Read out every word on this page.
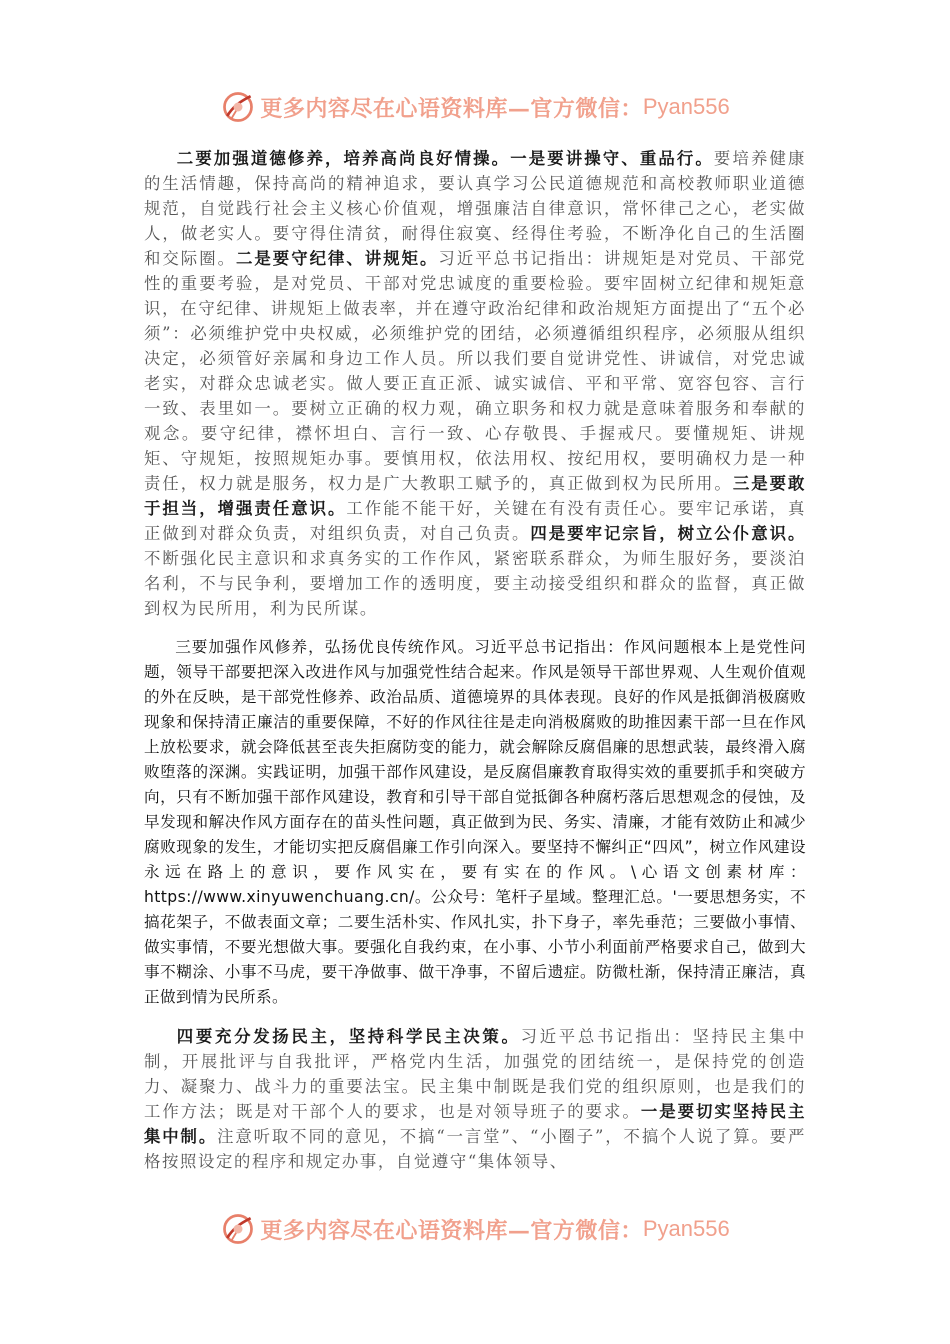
更多内容尽在心语资料库—官方微信： Pyan556

二要加强道德修养，培养高尚良好情操。一是要讲操守、重品行。要培养健康的生活情趣，保持高尚的精神追求，要认真学习公民道德规范和高校教师职业道德规范，自觉践行社会主义核心价值观，增强廉洁自律意识，常怀律己之心，老实做人，做老实人。要守得住清贫，耐得住寂寞、经得住考验，不断净化自己的生活圈和交际圈。二是要守纪律、讲规矩。习近平总书记指出：讲规矩是对党员、干部党性的重要考验，是对党员、干部对党忠诚度的重要检验。要牢固树立纪律和规矩意识，在守纪律、讲规矩上做表率，并在遵守政治纪律和政治规矩方面提出了“五个必须”：必须维护党中央权威，必须维护党的团结，必须遵循组织程序，必须服从组织决定，必须管好亲属和身边工作人员。所以我们要自觉讲党性、讲诚信，对党忠诚老实，对群众忠诚老实。做人要正直正派、诚实诚信、平和平常、宽容包容、言行一致、表里如一。要树立正确的权力观，确立职务和权力就是意味着服务和奉献的观念。要守纪律，襟怀坦白、言行一致、心存敬畏、手握戒尺。要懂规矩、讲规矩、守规矩，按照规矩办事。要慎用权，依法用权、按纪用权，要明确权力是一种责任，权力就是服务，权力是广大教职工赋予的，真正做到权为民所用。三是要敢于担当，增强责任意识。工作能不能干好，关键在有没有责任心。要牢记承诺，真正做到对群众负责，对组织负责，对自己负责。四是要牢记宗旨，树立公仆意识。不断强化民主意识和求真务实的工作作风，紧密联系群众，为师生服好务，要淡泊名利，不与民争利，要增加工作的透明度，要主动接受组织和群众的监督，真正做到权为民所用，利为民所谋。

三要加强作风修养，弘扬优良传统作风。习近平总书记指出：作风问题根本上是党性问题，领导干部要把深入改进作风与加强党性结合起来。作风是领导干部世界观、人生观价值观的外在反映，是干部党性修养、政治品质、道德境界的具体表现。良好的作风是抵御消极腐败现象和保持清正廉洁的重要保障，不好的作风往往是走向消极腐败的助推因素干部一旦在作风上放松要求，就会降低甚至丧失拒腐防变的能力，就会解除反腐倡廉的思想武装，最终滑入腐败堕落的深渊。实践证明，加强干部作风建设，是反腐倡廉教育取得实效的重要抓手和突破方向，只有不断加强干部作风建设，教育和引导干部自觉抵御各种腐朽落后思想观念的侵蚀，及早发现和解决作风方面存在的苗头性问题，真正做到为民、务实、清廉，才能有效防止和减少腐败现象的发生，才能切实把反腐倡廉工作引向深入。要坚持不懈纠正“四风”，树立作风建设永远在路上的意识，要作风实在，要有实在的作风。\心语文创素材库：https://www.xinyuwenchuang.cn/。公众号：笔杆子星域。整理汇总。'一要思想务实，不搞花架子，不做表面文章；二要生活朴实、作风扎实，扑下身子，率先垂范；三要做小事情、做实事情，不要光想做大事。要强化自我约束，在小事、小节小利面前严格要求自己，做到大事不糊涂、小事不马虎，要干净做事、做干净事，不留后遗症。防微杜渐，保持清正廉洁，真正做到情为民所系。

四要充分发扬民主，坚持科学民主决策。习近平总书记指出：坚持民主集中制，开展批评与自我批评，严格党内生活，加强党的团结统一，是保持党的创造力、凝聚力、战斗力的重要法宝。民主集中制既是我们党的组织原则，也是我们的工作方法；既是对干部个人的要求，也是对领导班子的要求。一是要切实坚持民主集中制。注意听取不同的意见，不搞“一言堂”、“小圈子”，不搞个人说了算。要严格按照设定的程序和规定办事，自觉遵守“集体领导、

更多内容尽在心语资料库—官方微信： Pyan556
